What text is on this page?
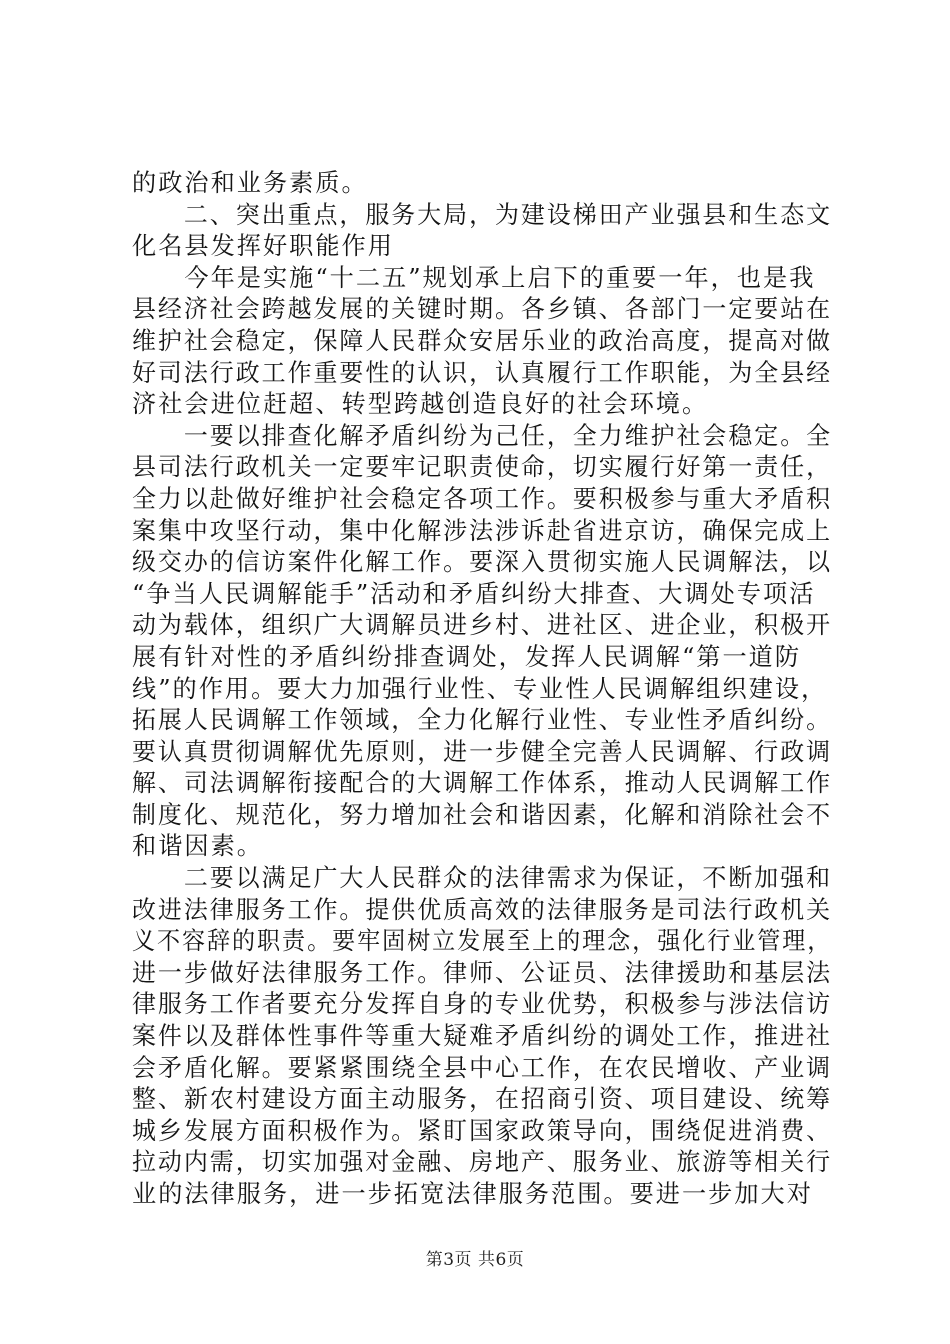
的政治和业务素质。
　　二、突出重点，服务大局，为建设梯田产业强县和生态文
化名县发挥好职能作用
　　今年是实施“十二五”规划承上启下的重要一年，也是我
县经济社会跨越发展的关键时期。各乡镇、各部门一定要站在
维护社会稳定，保障人民群众安居乐业的政治高度，提高对做
好司法行政工作重要性的认识，认真履行工作职能，为全县经
济社会进位赶超、转型跨越创造良好的社会环境。
　　一要以排查化解矛盾纠纷为己任，全力维护社会稳定。全
县司法行政机关一定要牢记职责使命，切实履行好第一责任，
全力以赴做好维护社会稳定各项工作。要积极参与重大矛盾积
案集中攻坚行动，集中化解涉法涉诉赴省进京访，确保完成上
级交办的信访案件化解工作。要深入贯彻实施人民调解法，以
“争当人民调解能手”活动和矛盾纠纷大排查、大调处专项活
动为载体，组织广大调解员进乡村、进社区、进企业，积极开
展有针对性的矛盾纠纷排查调处，发挥人民调解“第一道防
线”的作用。要大力加强行业性、专业性人民调解组织建设，
拓展人民调解工作领域，全力化解行业性、专业性矛盾纠纷。
要认真贯彻调解优先原则，进一步健全完善人民调解、行政调
解、司法调解衔接配合的大调解工作体系，推动人民调解工作
制度化、规范化，努力增加社会和谐因素，化解和消除社会不
和谐因素。
　　二要以满足广大人民群众的法律需求为保证，不断加强和
改进法律服务工作。提供优质高效的法律服务是司法行政机关
义不容辞的职责。要牢固树立发展至上的理念，强化行业管理，
进一步做好法律服务工作。律师、公证员、法律援助和基层法
律服务工作者要充分发挥自身的专业优势，积极参与涉法信访
案件以及群体性事件等重大疑难矛盾纠纷的调处工作，推进社
会矛盾化解。要紧紧围绕全县中心工作，在农民增收、产业调
整、新农村建设方面主动服务，在招商引资、项目建设、统筹
城乡发展方面积极作为。紧盯国家政策导向，围绕促进消费、
拉动内需，切实加强对金融、房地产、服务业、旅游等相关行
业的法律服务，进一步拓宽法律服务范围。要进一步加大对
第3页 共6页
